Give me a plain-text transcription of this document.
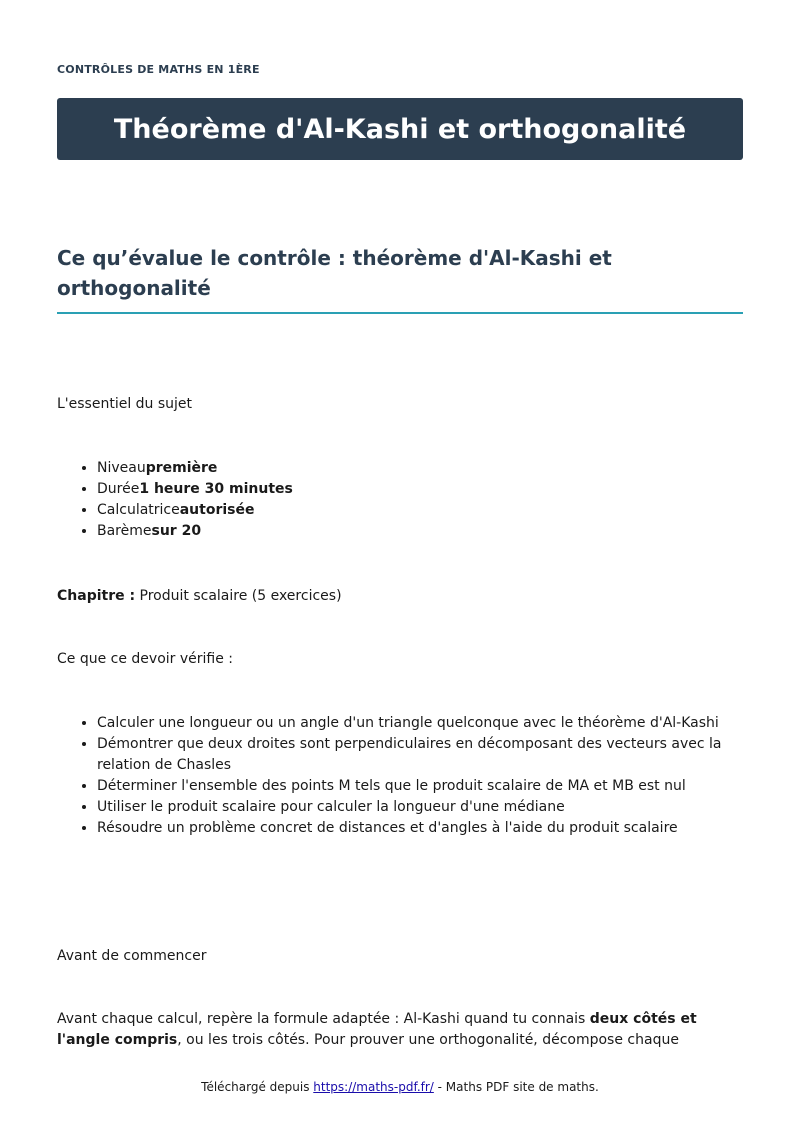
CONTRÔLES DE MATHS EN 1ÈRE
Théorème d'Al-Kashi et orthogonalité
Ce qu’évalue le contrôle : théorème d'Al-Kashi et orthogonalité
L'essentiel du sujet
• Niveaupremière
• Durée1 heure 30 minutes
• Calculatriceautorisée
• Barèmesur 20
Chapitre : Produit scalaire (5 exercices)
Ce que ce devoir vérifie :
• Calculer une longueur ou un angle d'un triangle quelconque avec le théorème d'Al-Kashi
• Démontrer que deux droites sont perpendiculaires en décomposant des vecteurs avec la relation de Chasles
• Déterminer l'ensemble des points M tels que le produit scalaire de MA et MB est nul
• Utiliser le produit scalaire pour calculer la longueur d'une médiane
• Résoudre un problème concret de distances et d'angles à l'aide du produit scalaire
Avant de commencer
Avant chaque calcul, repère la formule adaptée : Al-Kashi quand tu connais deux côtés et l'angle compris, ou les trois côtés. Pour prouver une orthogonalité, décompose chaque
Téléchargé depuis https://maths-pdf.fr/ - Maths PDF site de maths.
